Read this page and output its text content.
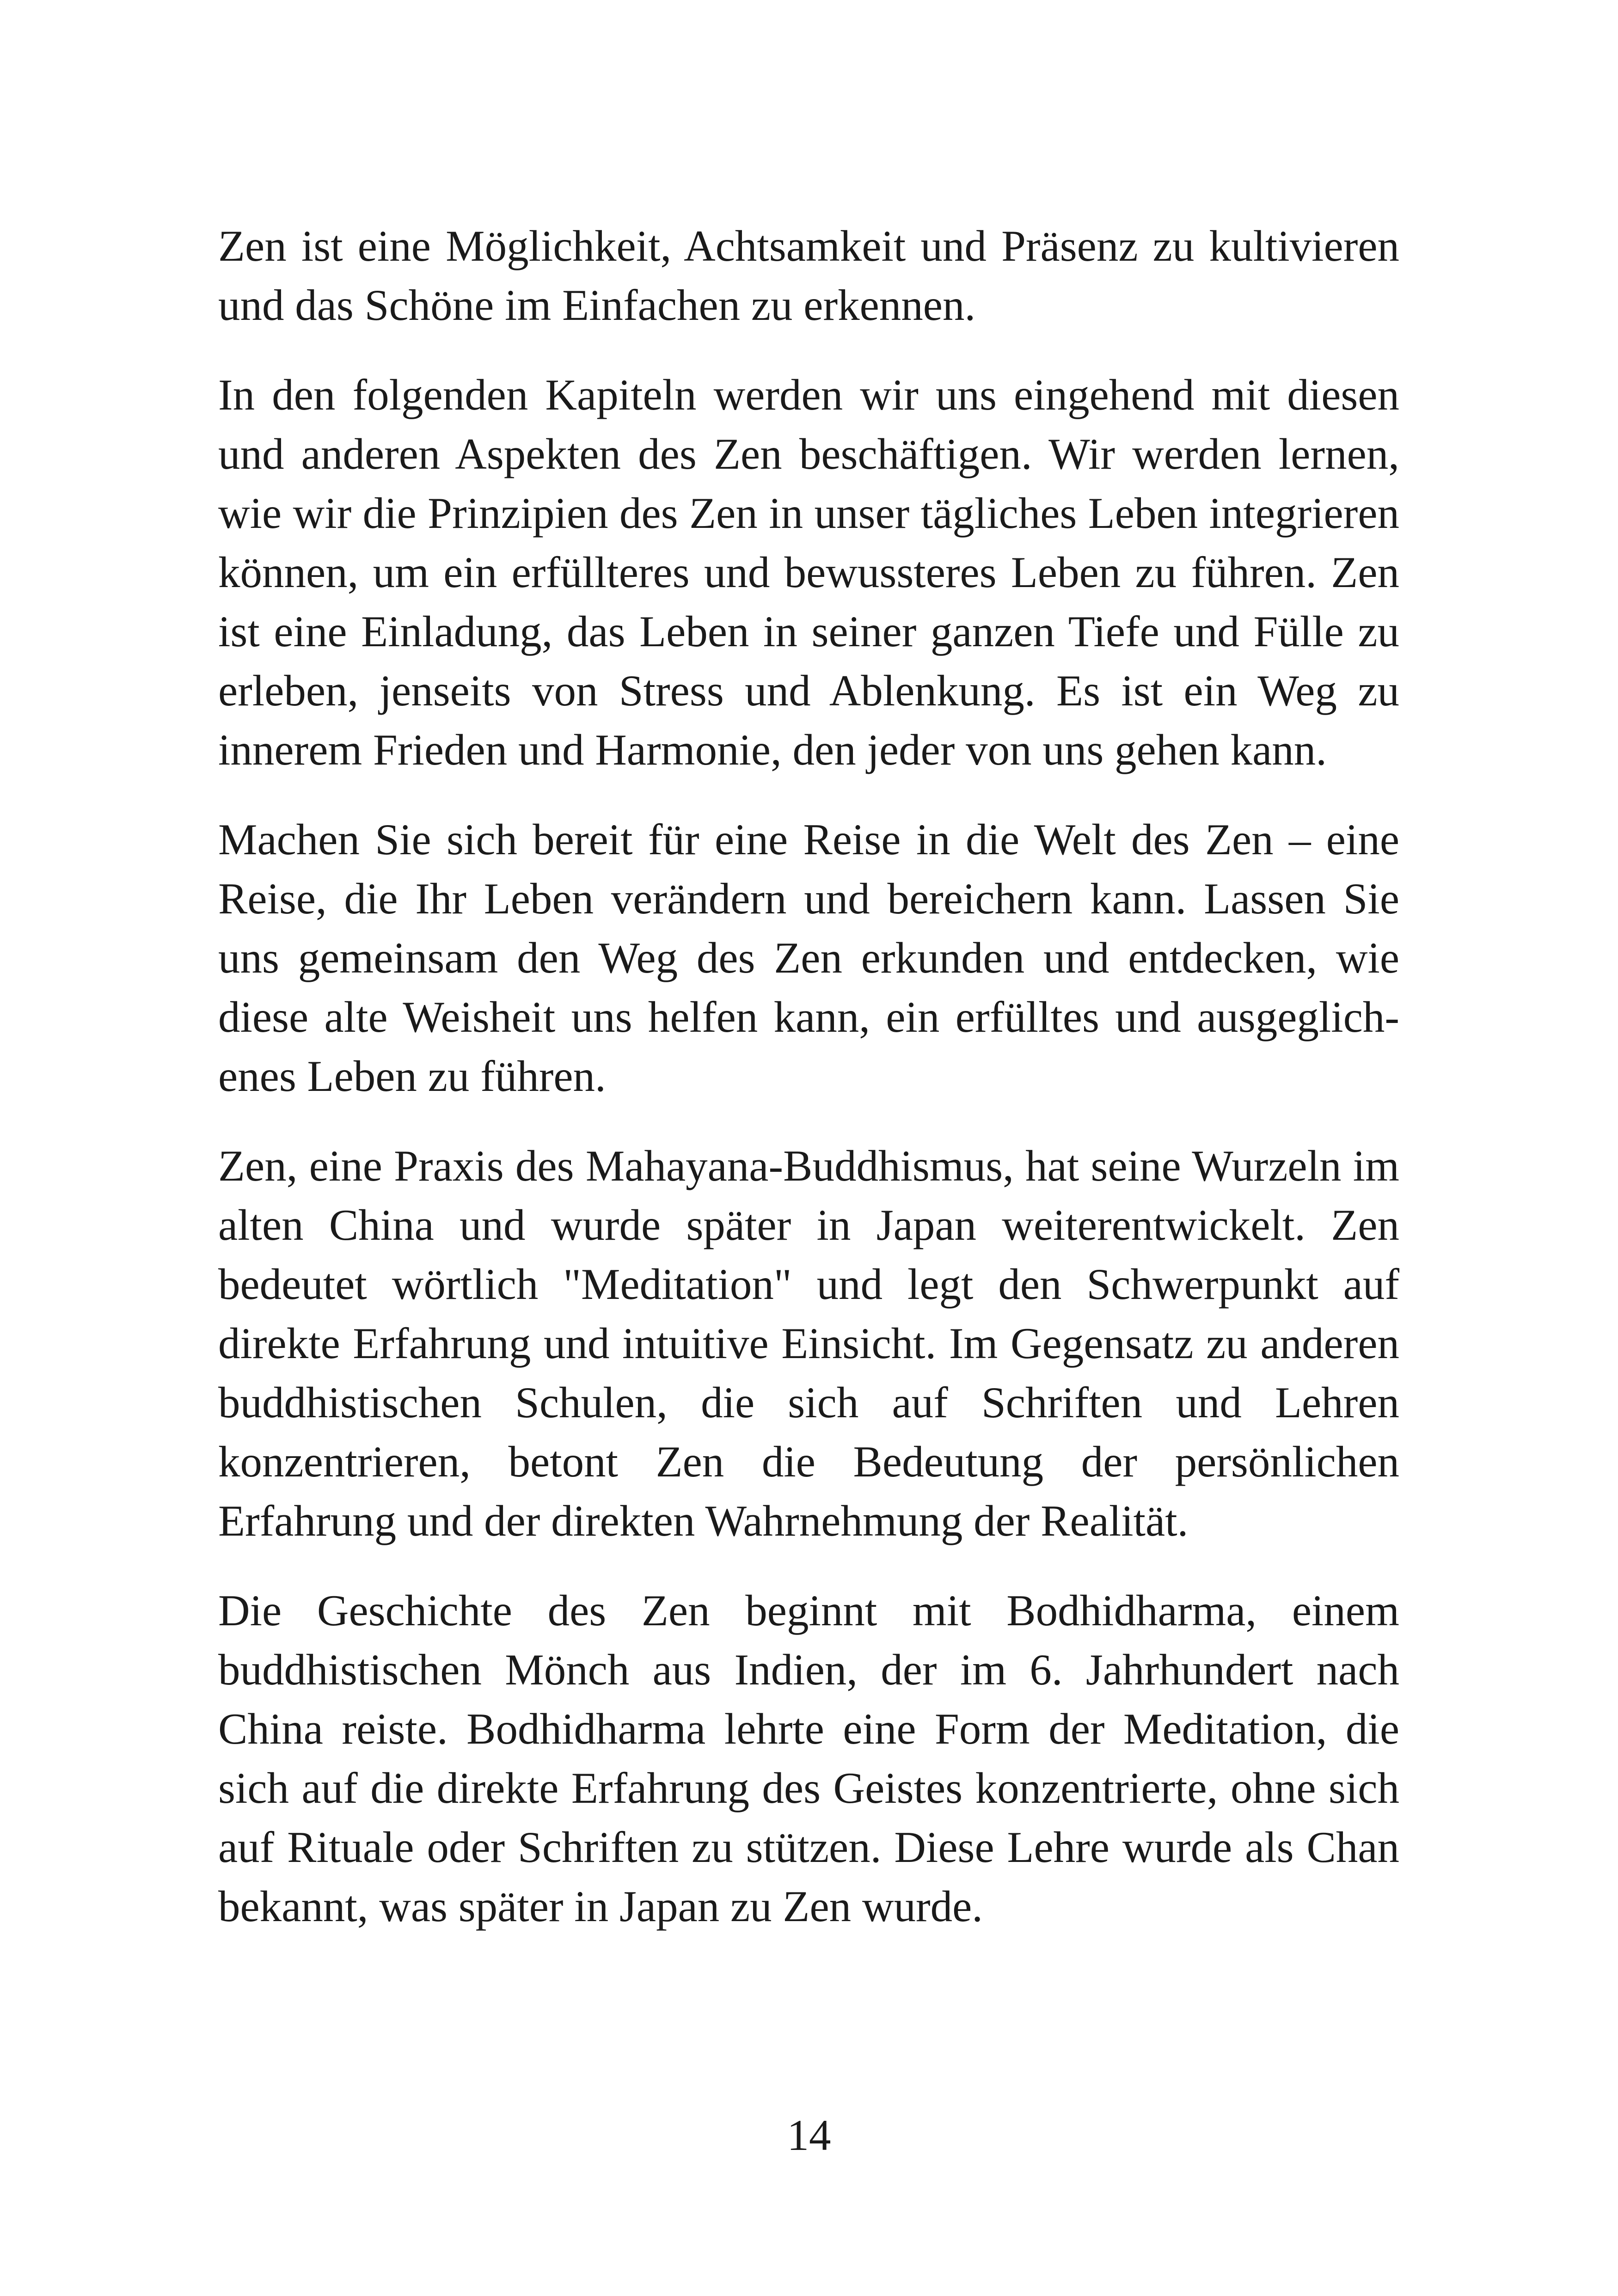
Zen ist eine Möglichkeit, Achtsamkeit und Präsenz zu kultivieren
und das Schöne im Einfachen zu erkennen.

In den folgenden Kapiteln werden wir uns eingehend mit diesen
und anderen Aspekten des Zen beschäftigen. Wir werden lernen,
wie wir die Prinzipien des Zen in unser tägliches Leben integrieren
können, um ein erfüllteres und bewussteres Leben zu führen. Zen
ist eine Einladung, das Leben in seiner ganzen Tiefe und Fülle zu
erleben, jenseits von Stress und Ablenkung. Es ist ein Weg zu
innerem Frieden und Harmonie, den jeder von uns gehen kann.

Machen Sie sich bereit für eine Reise in die Welt des Zen – eine
Reise, die Ihr Leben verändern und bereichern kann. Lassen Sie
uns gemeinsam den Weg des Zen erkunden und entdecken, wie
diese alte Weisheit uns helfen kann, ein erfülltes und ausgeglich-
enes Leben zu führen.

Zen, eine Praxis des Mahayana-Buddhismus, hat seine Wurzeln im
alten China und wurde später in Japan weiterentwickelt. Zen
bedeutet wörtlich "Meditation" und legt den Schwerpunkt auf
direkte Erfahrung und intuitive Einsicht. Im Gegensatz zu anderen
buddhistischen Schulen, die sich auf Schriften und Lehren
konzentrieren, betont Zen die Bedeutung der persönlichen
Erfahrung und der direkten Wahrnehmung der Realität.

Die Geschichte des Zen beginnt mit Bodhidharma, einem
buddhistischen Mönch aus Indien, der im 6. Jahrhundert nach
China reiste. Bodhidharma lehrte eine Form der Meditation, die
sich auf die direkte Erfahrung des Geistes konzentrierte, ohne sich
auf Rituale oder Schriften zu stützen. Diese Lehre wurde als Chan
bekannt, was später in Japan zu Zen wurde.

14
